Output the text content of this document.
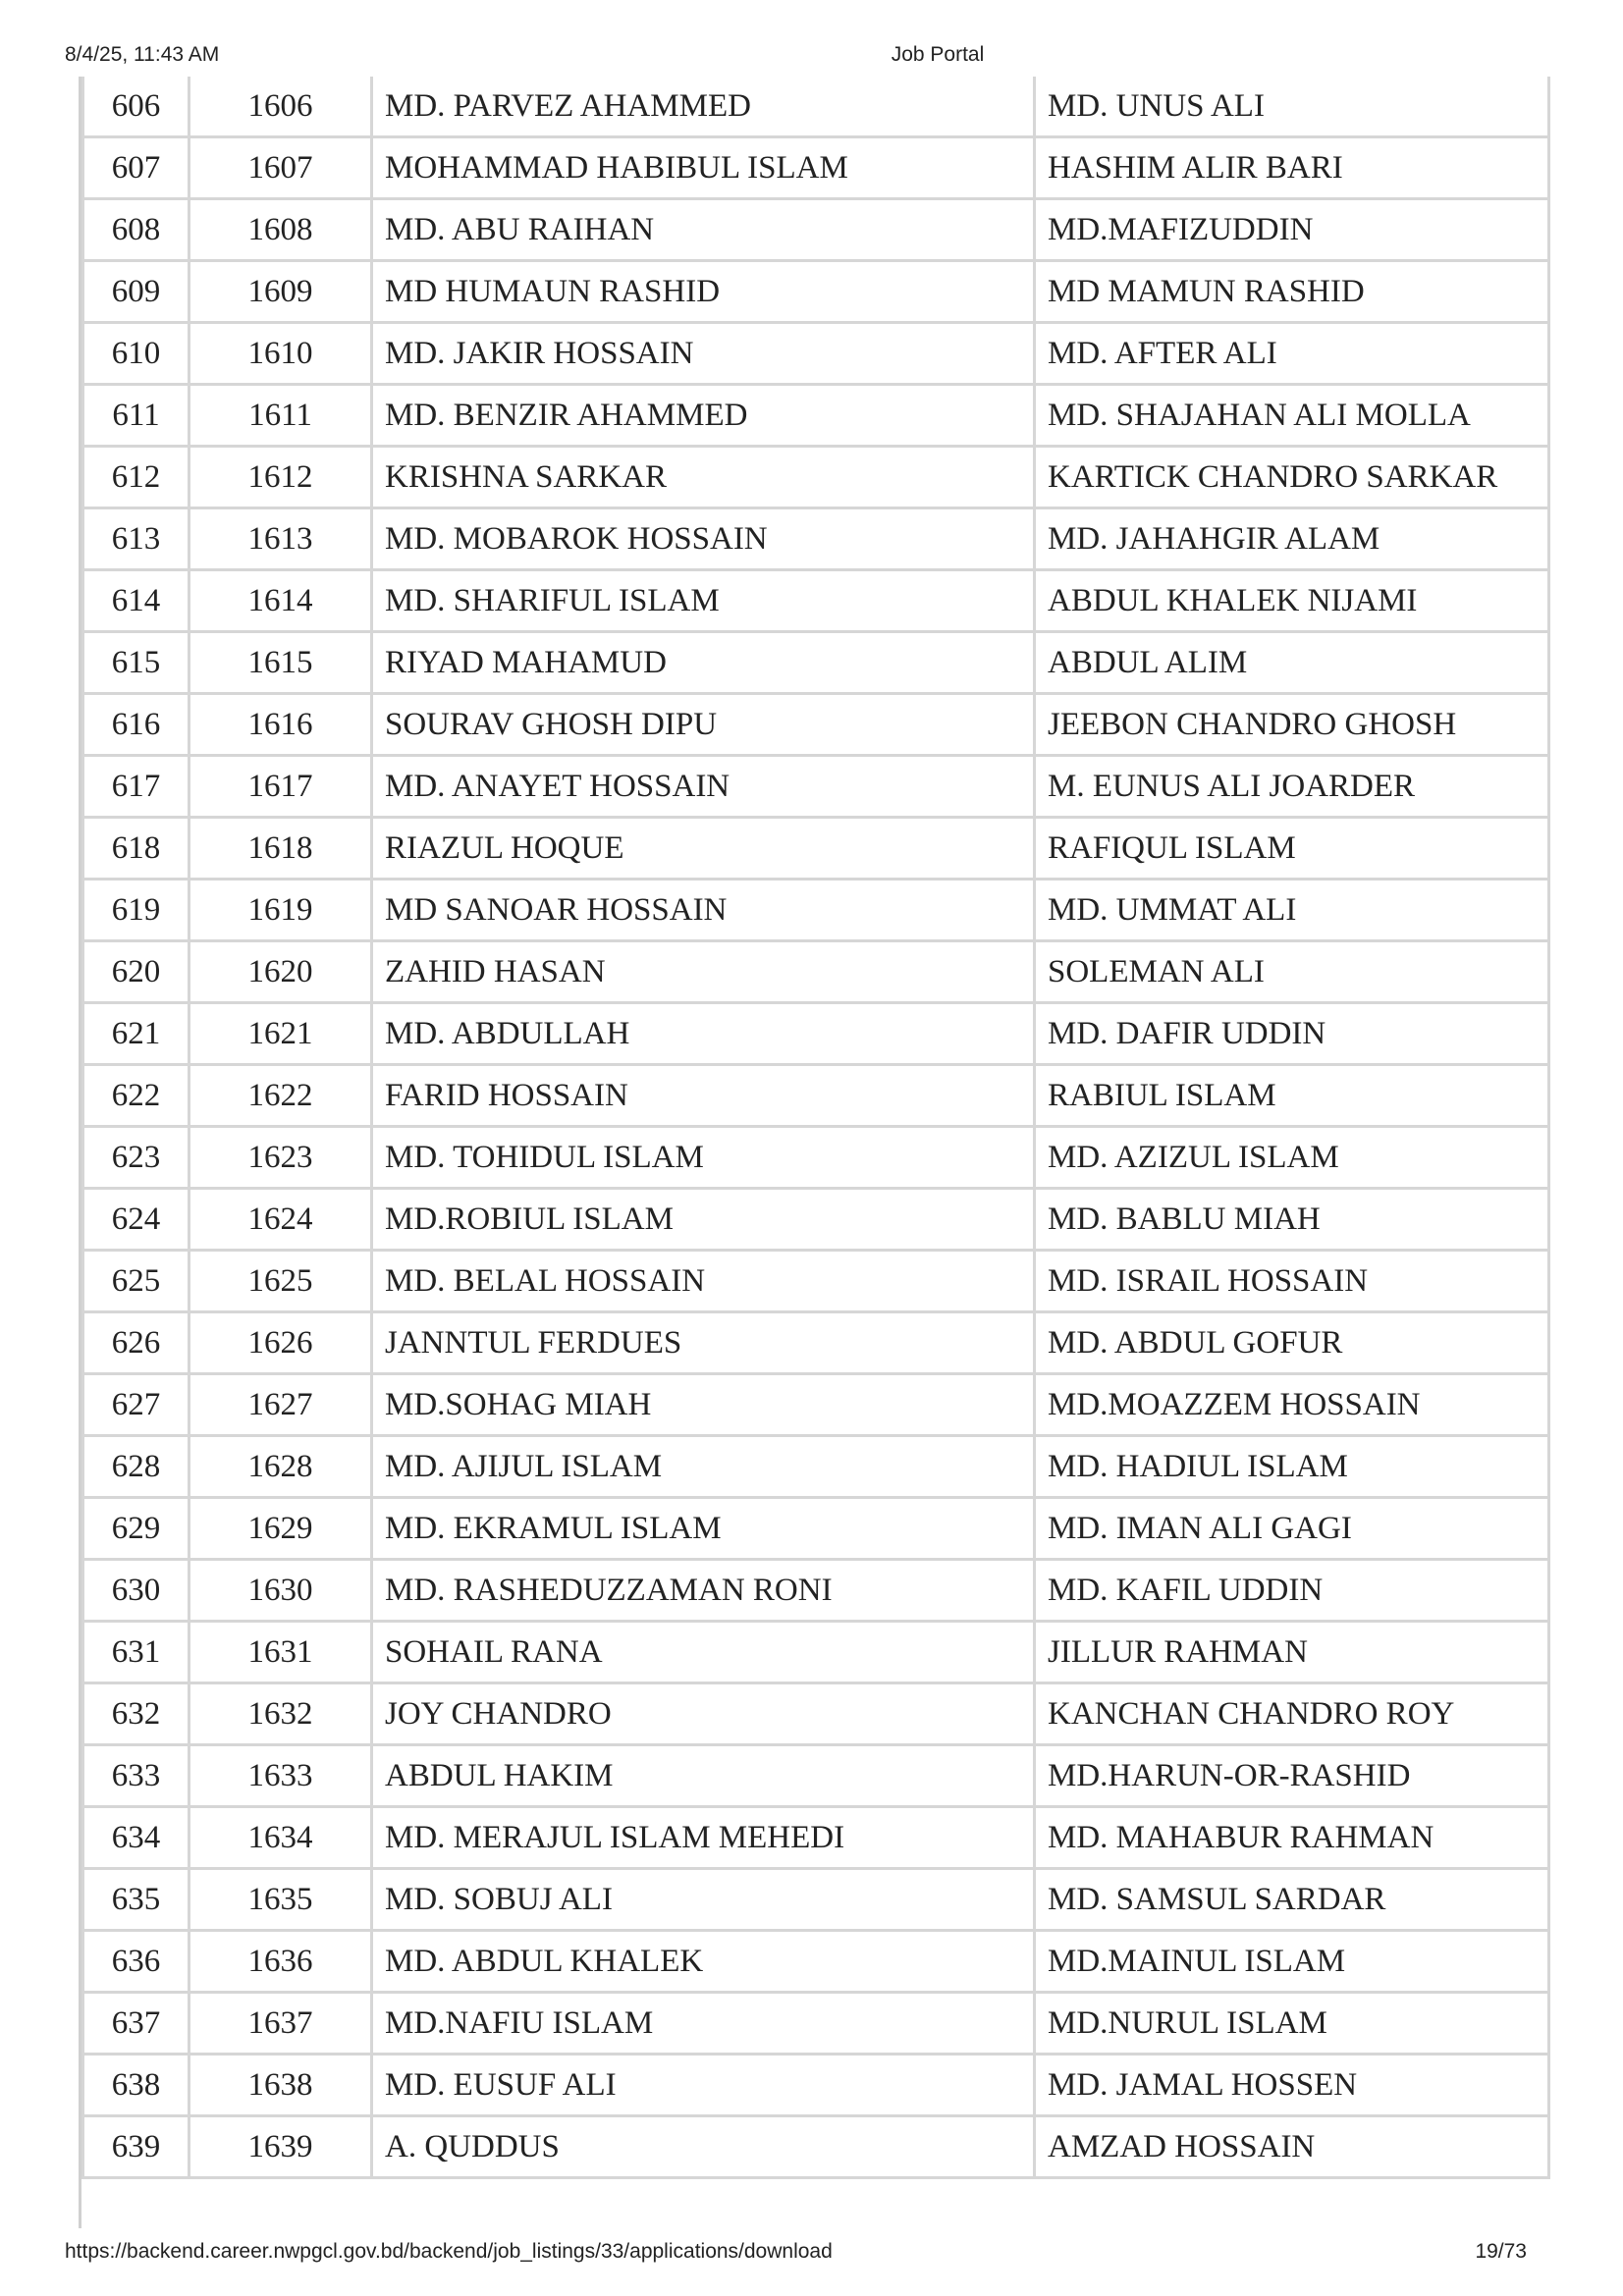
8/4/25, 11:43 AM	Job Portal
606	1606	MD. PARVEZ AHAMMED	MD. UNUS ALI
607	1607	MOHAMMAD HABIBUL ISLAM	HASHIM ALIR BARI
608	1608	MD. ABU RAIHAN	MD.MAFIZUDDIN
609	1609	MD HUMAUN RASHID	MD MAMUN RASHID
610	1610	MD. JAKIR HOSSAIN	MD. AFTER ALI
611	1611	MD. BENZIR AHAMMED	MD. SHAJAHAN ALI MOLLA
612	1612	KRISHNA SARKAR	KARTICK CHANDRO SARKAR
613	1613	MD. MOBAROK HOSSAIN	MD. JAHAHGIR ALAM
614	1614	MD. SHARIFUL ISLAM	ABDUL KHALEK NIJAMI
615	1615	RIYAD MAHAMUD	ABDUL ALIM
616	1616	SOURAV GHOSH DIPU	JEEBON CHANDRO GHOSH
617	1617	MD. ANAYET HOSSAIN	M. EUNUS ALI JOARDER
618	1618	RIAZUL HOQUE	RAFIQUL ISLAM
619	1619	MD SANOAR HOSSAIN	MD. UMMAT ALI
620	1620	ZAHID HASAN	SOLEMAN ALI
621	1621	MD. ABDULLAH	MD. DAFIR UDDIN
622	1622	FARID HOSSAIN	RABIUL ISLAM
623	1623	MD. TOHIDUL ISLAM	MD. AZIZUL ISLAM
624	1624	MD.ROBIUL ISLAM	MD. BABLU MIAH
625	1625	MD. BELAL HOSSAIN	MD. ISRAIL HOSSAIN
626	1626	JANNTUL FERDUES	MD. ABDUL GOFUR
627	1627	MD.SOHAG MIAH	MD.MOAZZEM HOSSAIN
628	1628	MD. AJIJUL ISLAM	MD. HADIUL ISLAM
629	1629	MD. EKRAMUL ISLAM	MD. IMAN ALI GAGI
630	1630	MD. RASHEDUZZAMAN RONI	MD. KAFIL UDDIN
631	1631	SOHAIL RANA	JILLUR RAHMAN
632	1632	JOY CHANDRO	KANCHAN CHANDRO ROY
633	1633	ABDUL HAKIM	MD.HARUN-OR-RASHID
634	1634	MD. MERAJUL ISLAM MEHEDI	MD. MAHABUR RAHMAN
635	1635	MD. SOBUJ ALI	MD. SAMSUL SARDAR
636	1636	MD. ABDUL KHALEK	MD.MAINUL ISLAM
637	1637	MD.NAFIU ISLAM	MD.NURUL ISLAM
638	1638	MD. EUSUF ALI	MD. JAMAL HOSSEN
639	1639	A. QUDDUS	AMZAD HOSSAIN
https://backend.career.nwpgcl.gov.bd/backend/job_listings/33/applications/download	19/73
